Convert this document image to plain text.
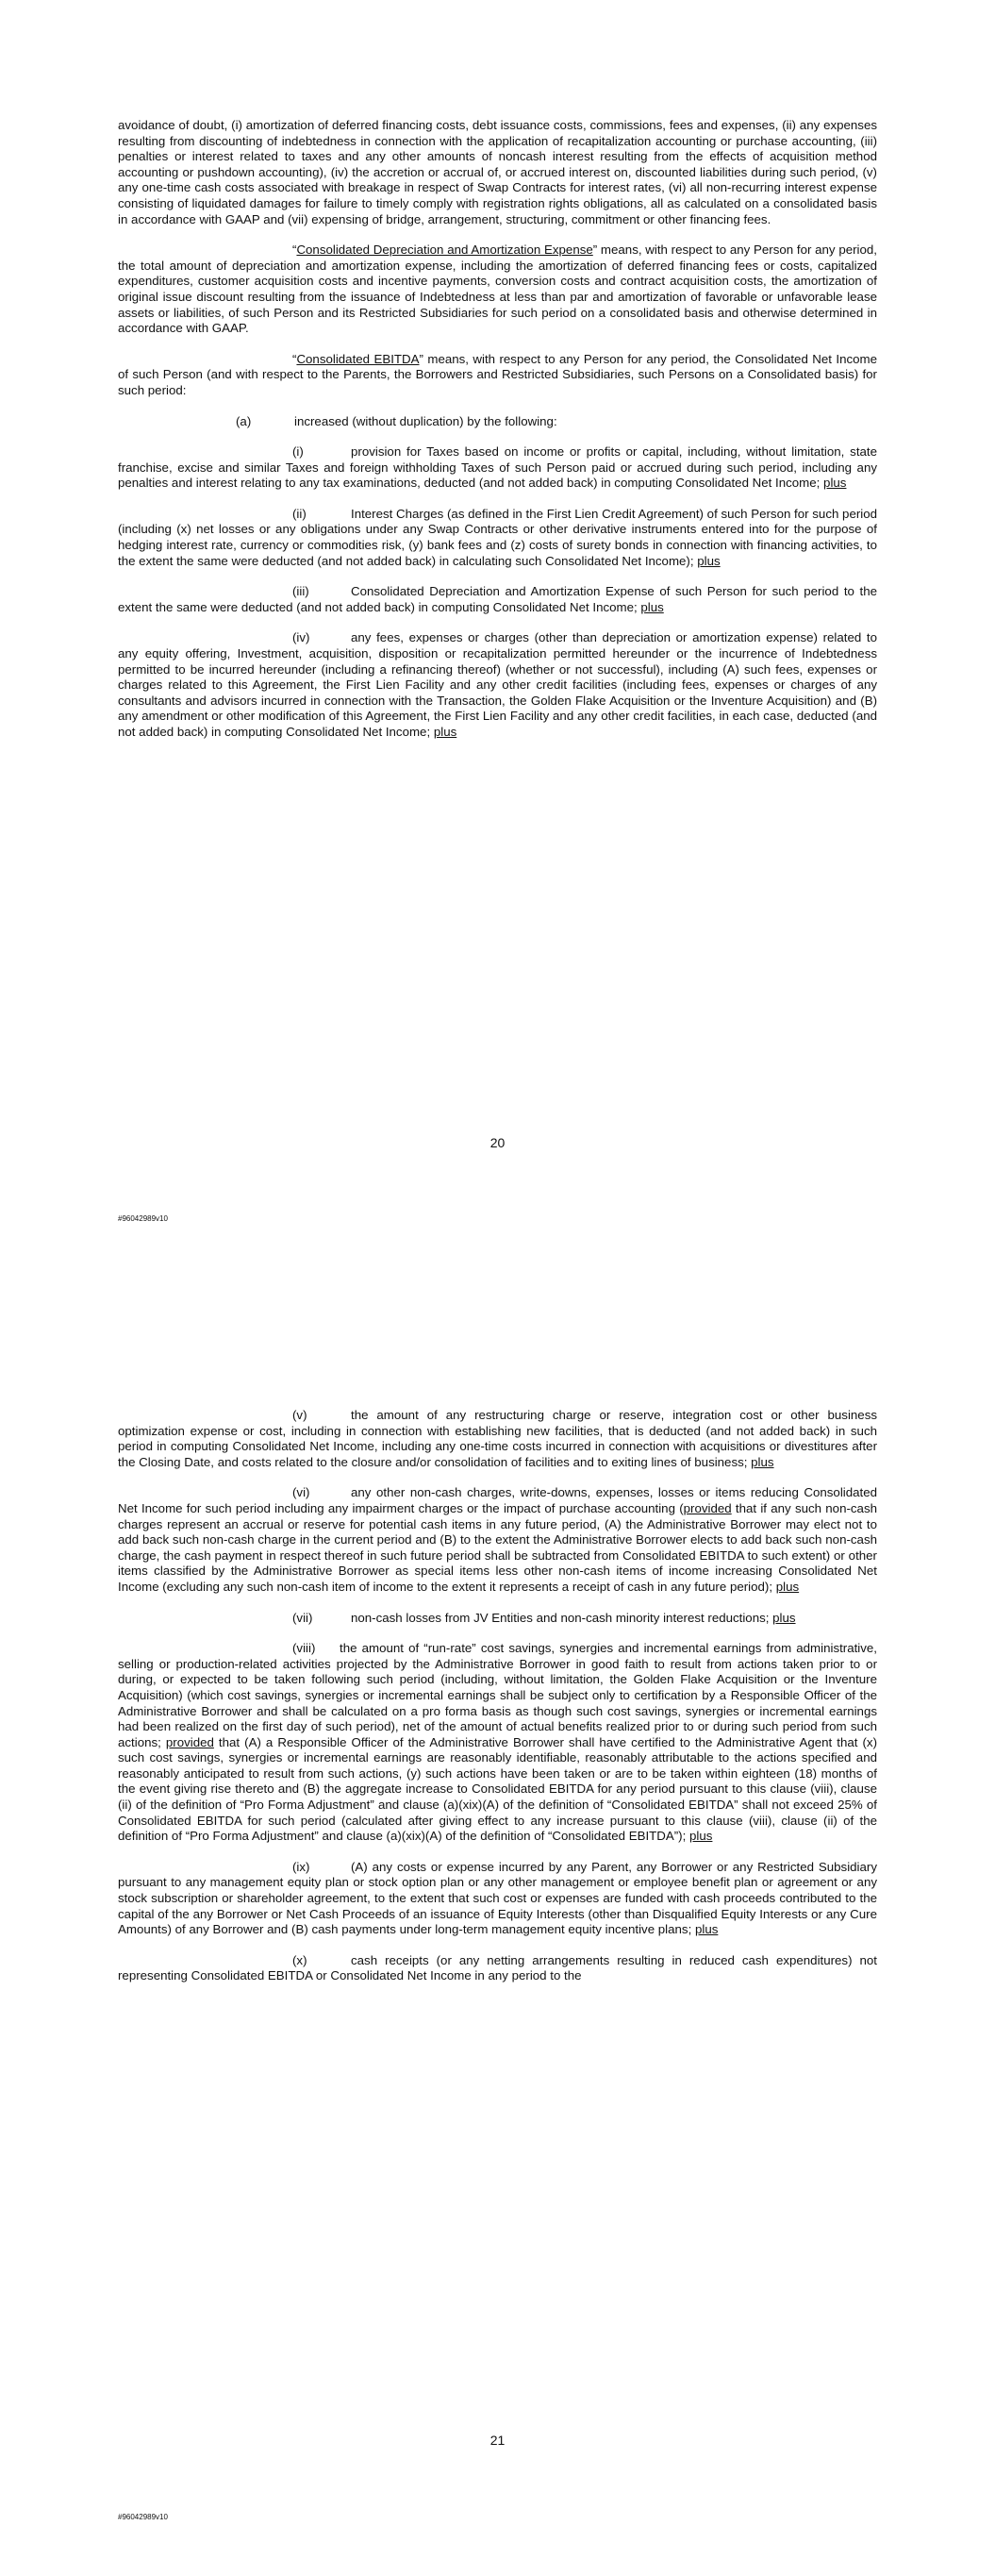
avoidance of doubt, (i) amortization of deferred financing costs, debt issuance costs, commissions, fees and expenses, (ii) any expenses resulting from discounting of indebtedness in connection with the application of recapitalization accounting or purchase accounting, (iii) penalties or interest related to taxes and any other amounts of noncash interest resulting from the effects of acquisition method accounting or pushdown accounting), (iv) the accretion or accrual of, or accrued interest on, discounted liabilities during such period, (v) any one-time cash costs associated with breakage in respect of Swap Contracts for interest rates, (vi) all non-recurring interest expense consisting of liquidated damages for failure to timely comply with registration rights obligations, all as calculated on a consolidated basis in accordance with GAAP and (vii) expensing of bridge, arrangement, structuring, commitment or other financing fees.

“Consolidated Depreciation and Amortization Expense” means, with respect to any Person for any period, the total amount of depreciation and amortization expense, including the amortization of deferred financing fees or costs, capitalized expenditures, customer acquisition costs and incentive payments, conversion costs and contract acquisition costs, the amortization of original issue discount resulting from the issuance of Indebtedness at less than par and amortization of favorable or unfavorable lease assets or liabilities, of such Person and its Restricted Subsidiaries for such period on a consolidated basis and otherwise determined in accordance with GAAP.

“Consolidated EBITDA” means, with respect to any Person for any period, the Consolidated Net Income of such Person (and with respect to the Parents, the Borrowers and Restricted Subsidiaries, such Persons on a Consolidated basis) for such period:

(a)	increased (without duplication) by the following:

(i)	provision for Taxes based on income or profits or capital, including, without limitation, state franchise, excise and similar Taxes and foreign withholding Taxes of such Person paid or accrued during such period, including any penalties and interest relating to any tax examinations, deducted (and not added back) in computing Consolidated Net Income; plus

(ii)	Interest Charges (as defined in the First Lien Credit Agreement) of such Person for such period (including (x) net losses or any obligations under any Swap Contracts or other derivative instruments entered into for the purpose of hedging interest rate, currency or commodities risk, (y) bank fees and (z) costs of surety bonds in connection with financing activities, to the extent the same were deducted (and not added back) in calculating such Consolidated Net Income); plus

(iii)	Consolidated Depreciation and Amortization Expense of such Person for such period to the extent the same were deducted (and not added back) in computing Consolidated Net Income; plus

(iv)	any fees, expenses or charges (other than depreciation or amortization expense) related to any equity offering, Investment, acquisition, disposition or recapitalization permitted hereunder or the incurrence of Indebtedness permitted to be incurred hereunder (including a refinancing thereof) (whether or not successful), including (A) such fees, expenses or charges related to this Agreement, the First Lien Facility and any other credit facilities (including fees, expenses or charges of any consultants and advisors incurred in connection with the Transaction, the Golden Flake Acquisition or the Inventure Acquisition) and (B) any amendment or other modification of this Agreement, the First Lien Facility and any other credit facilities, in each case, deducted (and not added back) in computing Consolidated Net Income; plus

20
#96042989v10

(v)	the amount of any restructuring charge or reserve, integration cost or other business optimization expense or cost, including in connection with establishing new facilities, that is deducted (and not added back) in such period in computing Consolidated Net Income, including any one-time costs incurred in connection with acquisitions or divestitures after the Closing Date, and costs related to the closure and/or consolidation of facilities and to exiting lines of business; plus

(vi)	any other non-cash charges, write-downs, expenses, losses or items reducing Consolidated Net Income for such period including any impairment charges or the impact of purchase accounting (provided that if any such non-cash charges represent an accrual or reserve for potential cash items in any future period, (A) the Administrative Borrower may elect not to add back such non-cash charge in the current period and (B) to the extent the Administrative Borrower elects to add back such non-cash charge, the cash payment in respect thereof in such future period shall be subtracted from Consolidated EBITDA to such extent) or other items classified by the Administrative Borrower as special items less other non-cash items of income increasing Consolidated Net Income (excluding any such non-cash item of income to the extent it represents a receipt of cash in any future period); plus

(vii)	non-cash losses from JV Entities and non-cash minority interest reductions; plus

(viii) the amount of “run-rate” cost savings, synergies and incremental earnings from administrative, selling or production-related activities projected by the Administrative Borrower in good faith to result from actions taken prior to or during, or expected to be taken following such period (including, without limitation, the Golden Flake Acquisition or the Inventure Acquisition) (which cost savings, synergies or incremental earnings shall be subject only to certification by a Responsible Officer of the Administrative Borrower and shall be calculated on a pro forma basis as though such cost savings, synergies or incremental earnings had been realized on the first day of such period), net of the amount of actual benefits realized prior to or during such period from such actions; provided that (A) a Responsible Officer of the Administrative Borrower shall have certified to the Administrative Agent that (x) such cost savings, synergies or incremental earnings are reasonably identifiable, reasonably attributable to the actions specified and reasonably anticipated to result from such actions, (y) such actions have been taken or are to be taken within eighteen (18) months of the event giving rise thereto and (B) the aggregate increase to Consolidated EBITDA for any period pursuant to this clause (viii), clause (ii) of the definition of “Pro Forma Adjustment” and clause (a)(xix)(A) of the definition of “Consolidated EBITDA” shall not exceed 25% of Consolidated EBITDA for such period (calculated after giving effect to any increase pursuant to this clause (viii), clause (ii) of the definition of “Pro Forma Adjustment” and clause (a)(xix)(A) of the definition of “Consolidated EBITDA”); plus

(ix)	(A) any costs or expense incurred by any Parent, any Borrower or any Restricted Subsidiary pursuant to any management equity plan or stock option plan or any other management or employee benefit plan or agreement or any stock subscription or shareholder agreement, to the extent that such cost or expenses are funded with cash proceeds contributed to the capital of the any Borrower or Net Cash Proceeds of an issuance of Equity Interests (other than Disqualified Equity Interests or any Cure Amounts) of any Borrower and (B) cash payments under long-term management equity incentive plans; plus

(x)	cash receipts (or any netting arrangements resulting in reduced cash expenditures) not representing Consolidated EBITDA or Consolidated Net Income in any period to the

21
#96042989v10
